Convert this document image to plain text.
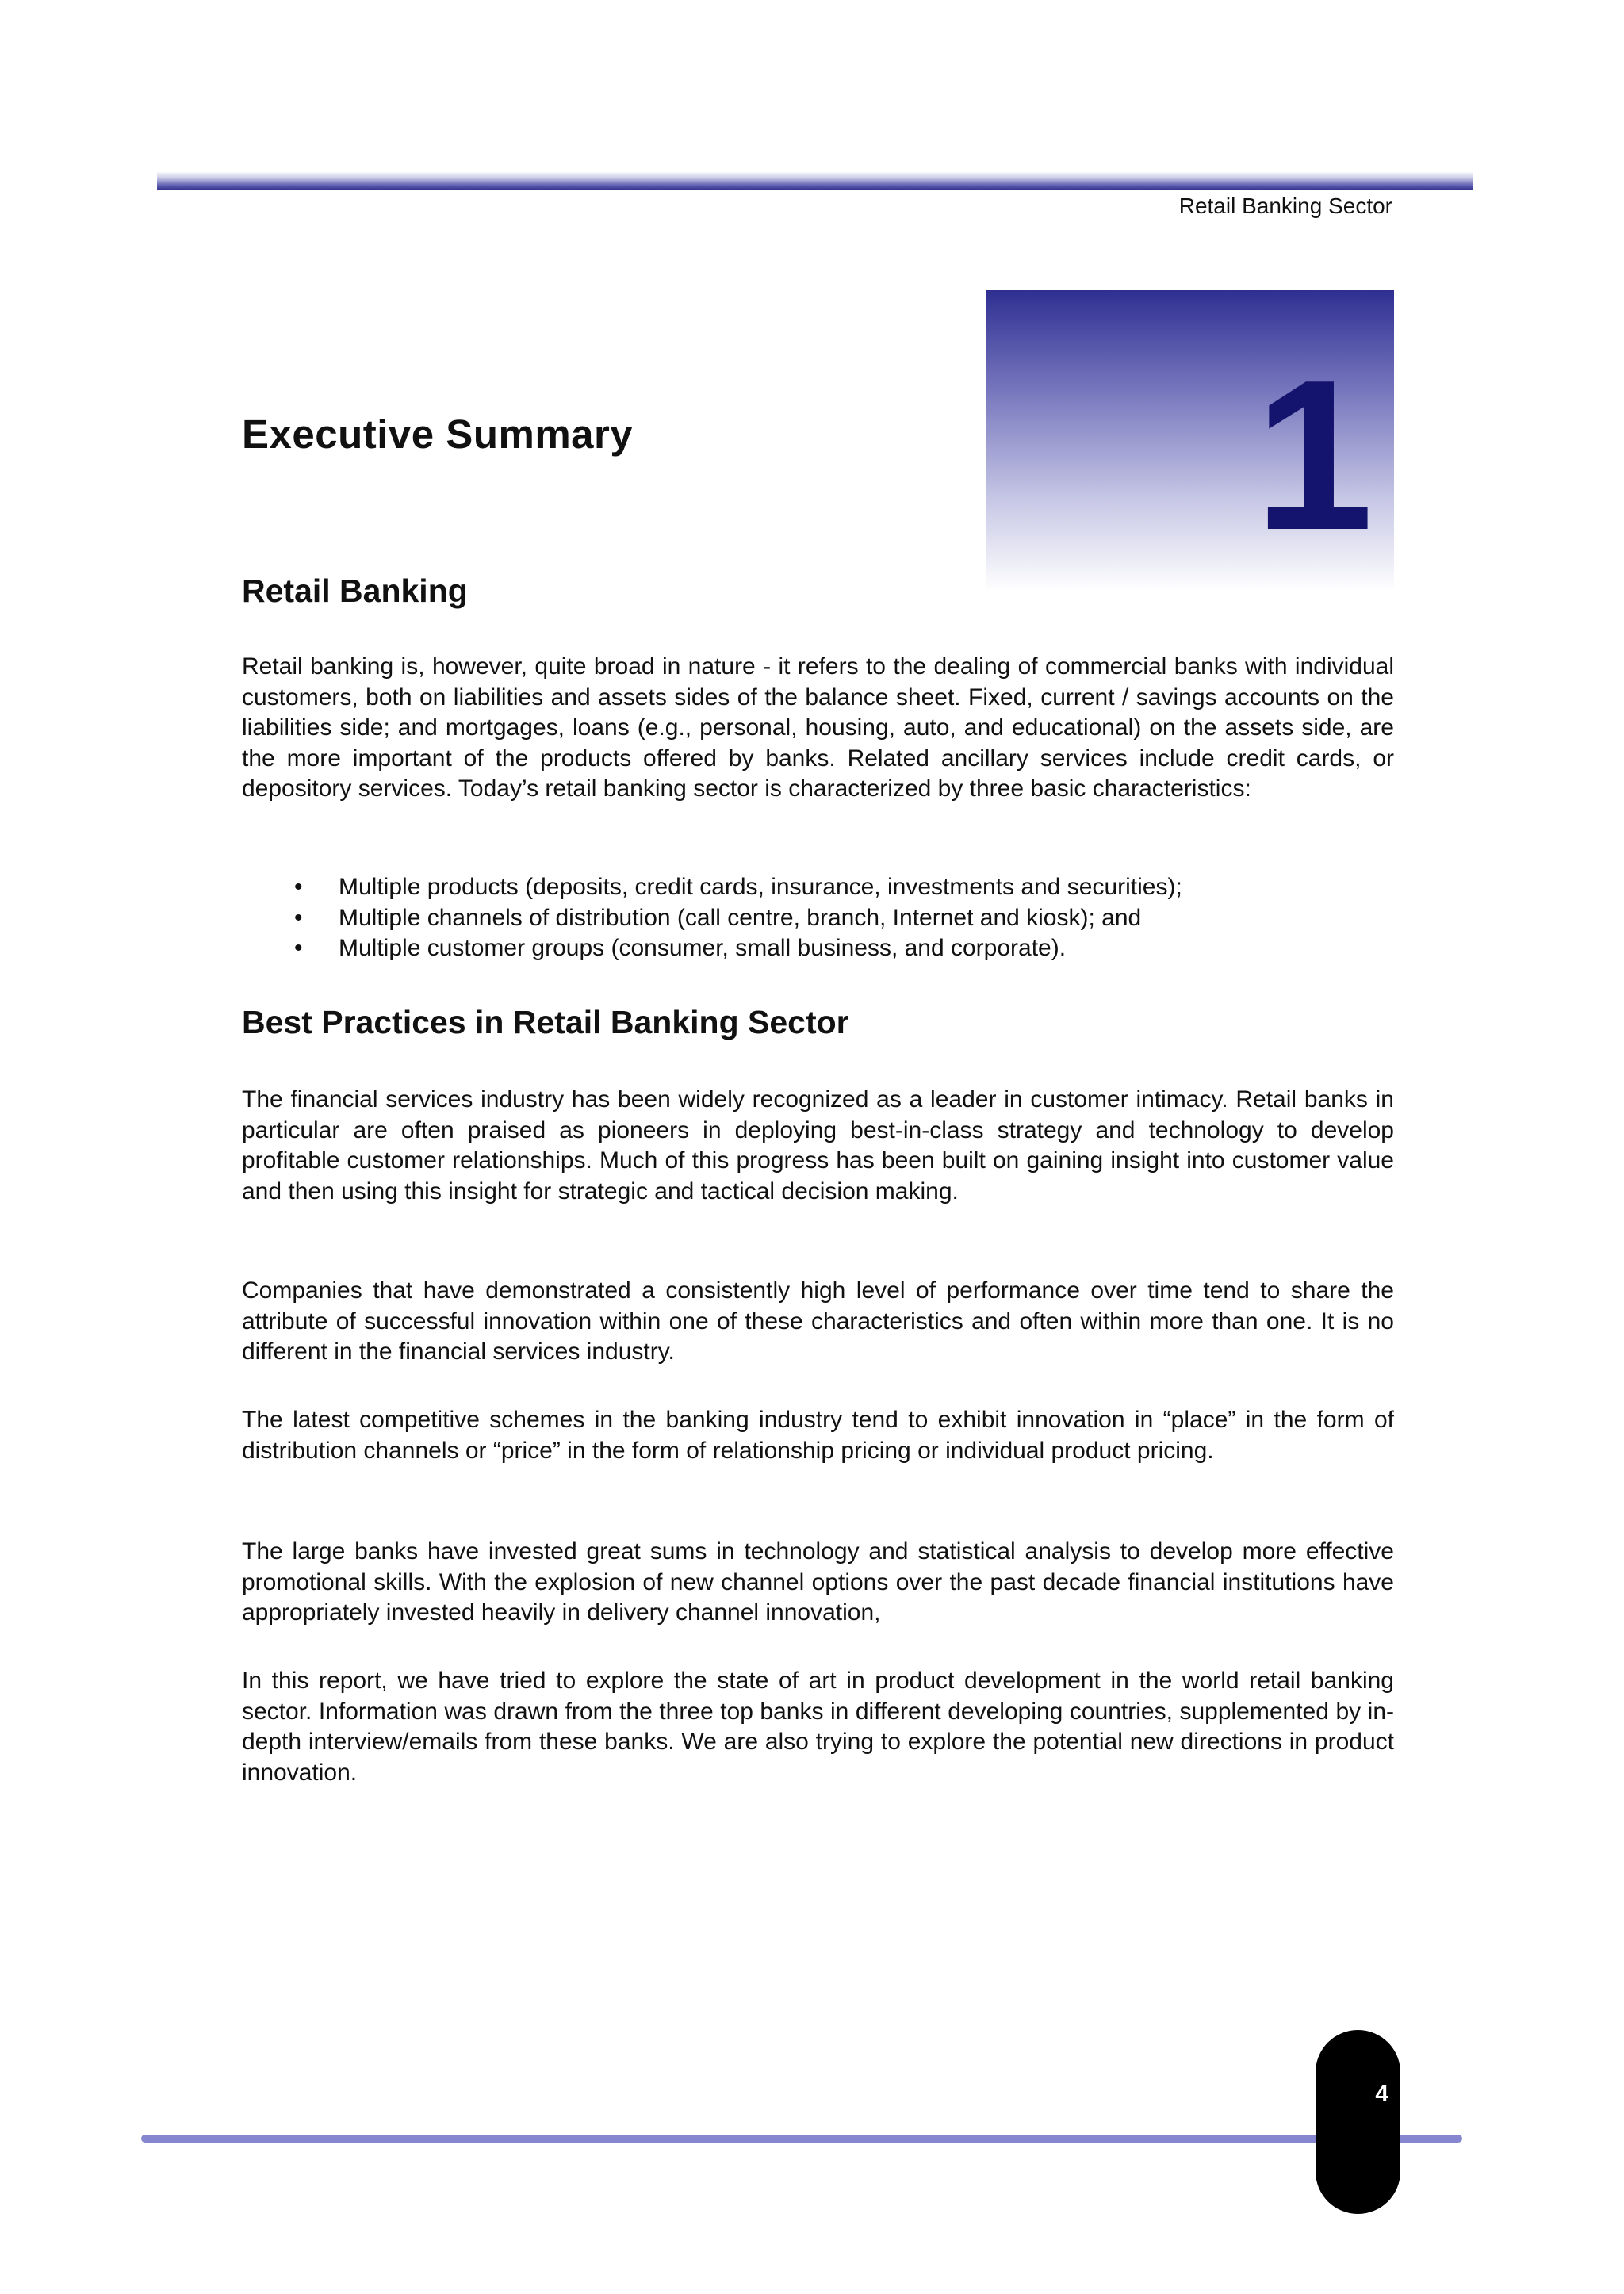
Retail Banking Sector
1
Executive Summary
Retail Banking

Retail banking is, however, quite broad in nature - it refers to the dealing of commercial banks with individual customers, both on liabilities and assets sides of the balance sheet. Fixed, current / savings accounts on the liabilities side; and mortgages, loans (e.g., personal, housing, auto, and educational) on the assets side, are the more important of the products offered by banks. Related ancillary services include credit cards, or depository services. Today’s retail banking sector is characterized by three basic characteristics:

• Multiple products (deposits, credit cards, insurance, investments and securities);
• Multiple channels of distribution (call centre, branch, Internet and kiosk); and
• Multiple customer groups (consumer, small business, and corporate).
Best Practices in Retail Banking Sector

The financial services industry has been widely recognized as a leader in customer intimacy. Retail banks in particular are often praised as pioneers in deploying best-in-class strategy and technology to develop profitable customer relationships. Much of this progress has been built on gaining insight into customer value and then using this insight for strategic and tactical decision making.

Companies that have demonstrated a consistently high level of performance over time tend to share the attribute of successful innovation within one of these characteristics and often within more than one. It is no different in the financial services industry.

The latest competitive schemes in the banking industry tend to exhibit innovation in “place” in the form of distribution channels or “price” in the form of relationship pricing or individual product pricing.

The large banks have invested great sums in technology and statistical analysis to develop more effective promotional skills. With the explosion of new channel options over the past decade financial institutions have appropriately invested heavily in delivery channel innovation,

In this report, we have tried to explore the state of art in product development in the world retail banking sector. Information was drawn from the three top banks in different developing countries, supplemented by in-depth interview/emails from these banks. We are also trying to explore the potential new directions in product innovation.

4
